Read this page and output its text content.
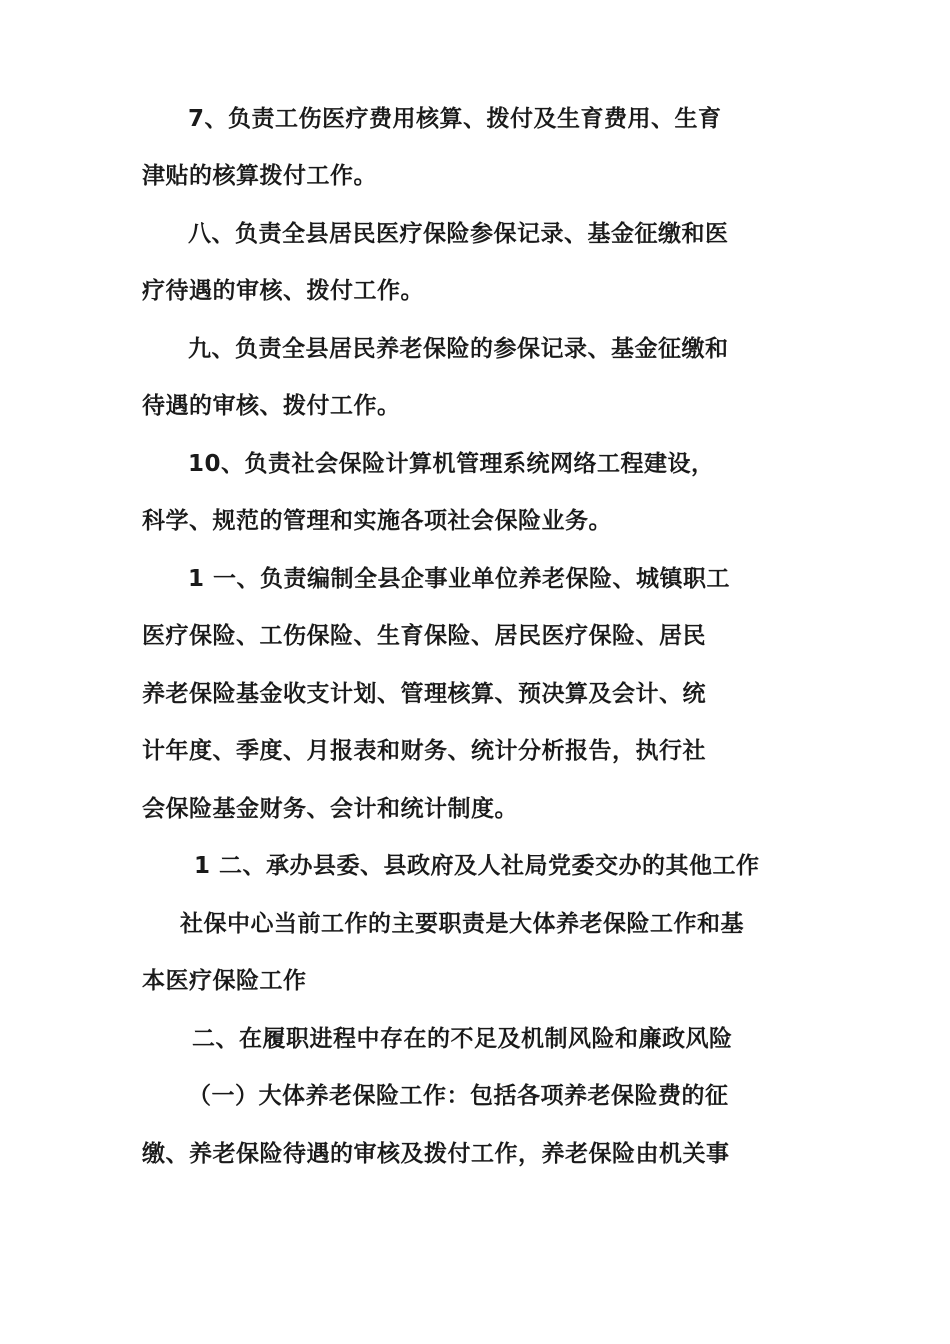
7、负责工伤医疗费用核算、拨付及生育费用、生育
津贴的核算拨付工作。
八、负责全县居民医疗保险参保记录、基金征缴和医
疗待遇的审核、拨付工作。
九、负责全县居民养老保险的参保记录、基金征缴和
待遇的审核、拨付工作。
10、负责社会保险计算机管理系统网络工程建设，
科学、规范的管理和实施各项社会保险业务。
1 一、负责编制全县企事业单位养老保险、城镇职工
医疗保险、工伤保险、生育保险、居民医疗保险、居民
养老保险基金收支计划、管理核算、预决算及会计、统
计年度、季度、月报表和财务、统计分析报告，执行社
会保险基金财务、会计和统计制度。
1 二、承办县委、县政府及人社局党委交办的其他工作
社保中心当前工作的主要职责是大体养老保险工作和基
本医疗保险工作
二、在履职进程中存在的不足及机制风险和廉政风险
（一）大体养老保险工作：包括各项养老保险费的征
缴、养老保险待遇的审核及拨付工作，养老保险由机关事
